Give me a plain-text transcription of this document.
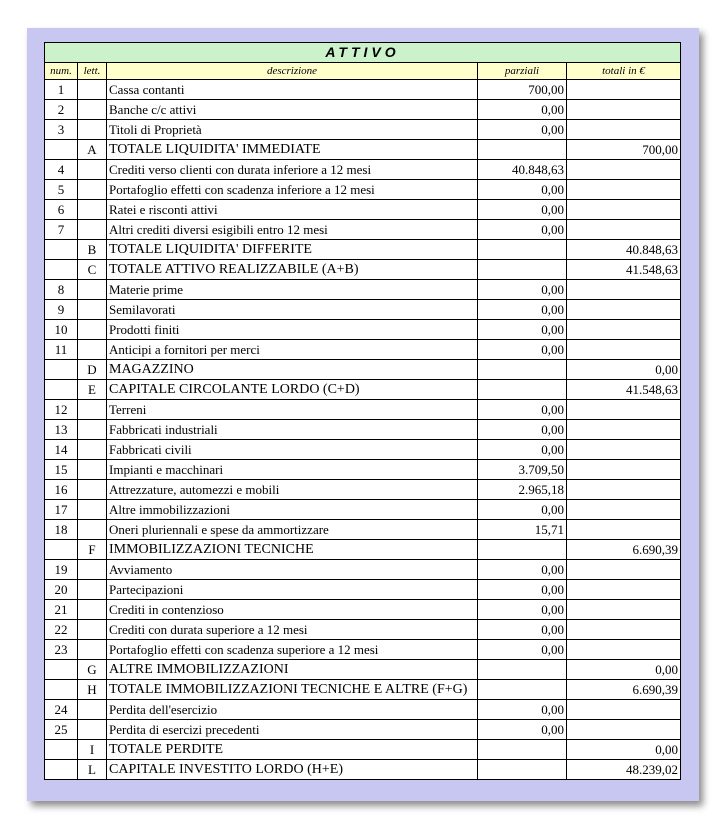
ATTIVO				
num.	lett.	descrizione	parziali	totali in €
1		Cassa contanti	700,00	
2		Banche c/c attivi	0,00	
3		Titoli di Proprietà	0,00	
	A	TOTALE LIQUIDITA' IMMEDIATE		700,00
4		Crediti verso clienti con durata inferiore a 12 mesi	40.848,63	
5		Portafoglio effetti con scadenza inferiore a 12 mesi	0,00	
6		Ratei e risconti attivi	0,00	
7		Altri crediti diversi esigibili entro 12 mesi	0,00	
	B	TOTALE LIQUIDITA' DIFFERITE		40.848,63
	C	TOTALE ATTIVO REALIZZABILE (A+B)		41.548,63
8		Materie prime	0,00	
9		Semilavorati	0,00	
10		Prodotti finiti	0,00	
11		Anticipi a fornitori per merci	0,00	
	D	MAGAZZINO		0,00
	E	CAPITALE CIRCOLANTE LORDO (C+D)		41.548,63
12		Terreni	0,00	
13		Fabbricati industriali	0,00	
14		Fabbricati civili	0,00	
15		Impianti e macchinari	3.709,50	
16		Attrezzature, automezzi e mobili	2.965,18	
17		Altre immobilizzazioni	0,00	
18		Oneri pluriennali e spese da ammortizzare	15,71	
	F	IMMOBILIZZAZIONI TECNICHE		6.690,39
19		Avviamento	0,00	
20		Partecipazioni	0,00	
21		Crediti in contenzioso	0,00	
22		Crediti con durata superiore a 12 mesi	0,00	
23		Portafoglio effetti con scadenza superiore a 12 mesi	0,00	
	G	ALTRE IMMOBILIZZAZIONI		0,00
	H	TOTALE IMMOBILIZZAZIONI TECNICHE E ALTRE (F+G)		6.690,39
24		Perdita dell'esercizio	0,00	
25		Perdita di esercizi precedenti	0,00	
	I	TOTALE PERDITE		0,00
	L	CAPITALE INVESTITO LORDO (H+E)		48.239,02
